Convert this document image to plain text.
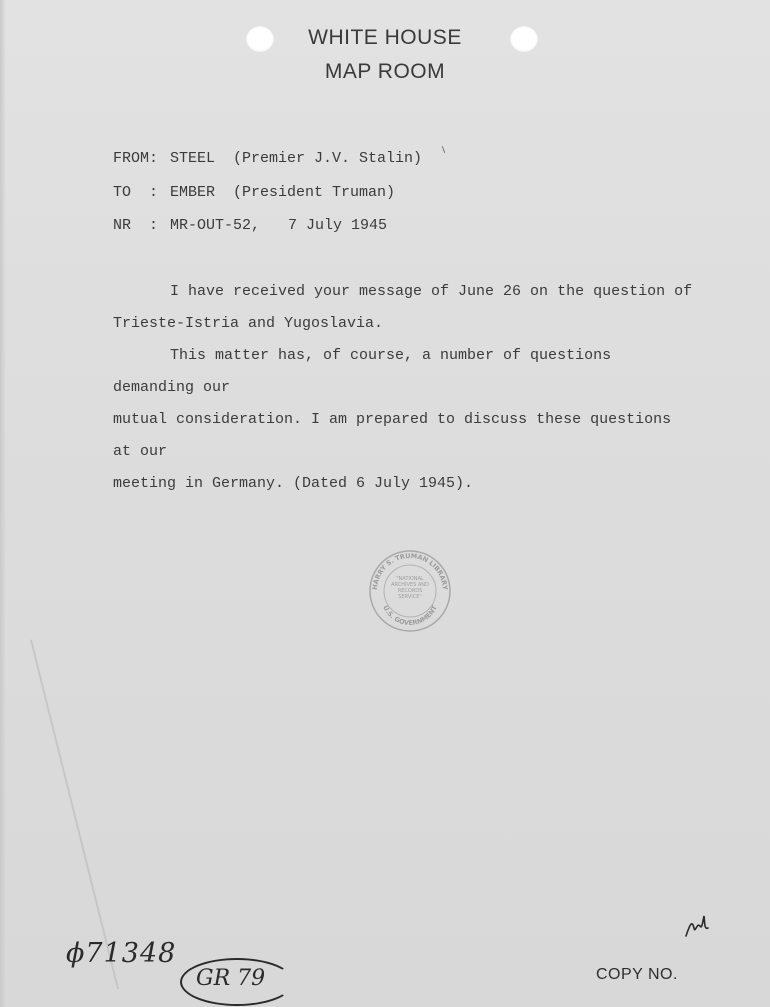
WHITE HOUSE
MAP ROOM
FROM: STEEL  (Premier J.V. Stalin)
TO  : EMBER  (President Truman)
NR  : MR-OUT-52, 7 July 1945

I have received your message of June 26 on the question of

Trieste-Istria and Yugoslavia.

This matter has, of course, a number of questions demanding our

mutual consideration. I am prepared to discuss these questions at our

meeting in Germany. (Dated 6 July 1945).

HARRY S. TRUMAN LIBRARY
U.S. GOVERNMENT
"NATIONAL ARCHIVES AND RECORDS SERVICE"
ϕ71348
GR 79	COPY NO.
